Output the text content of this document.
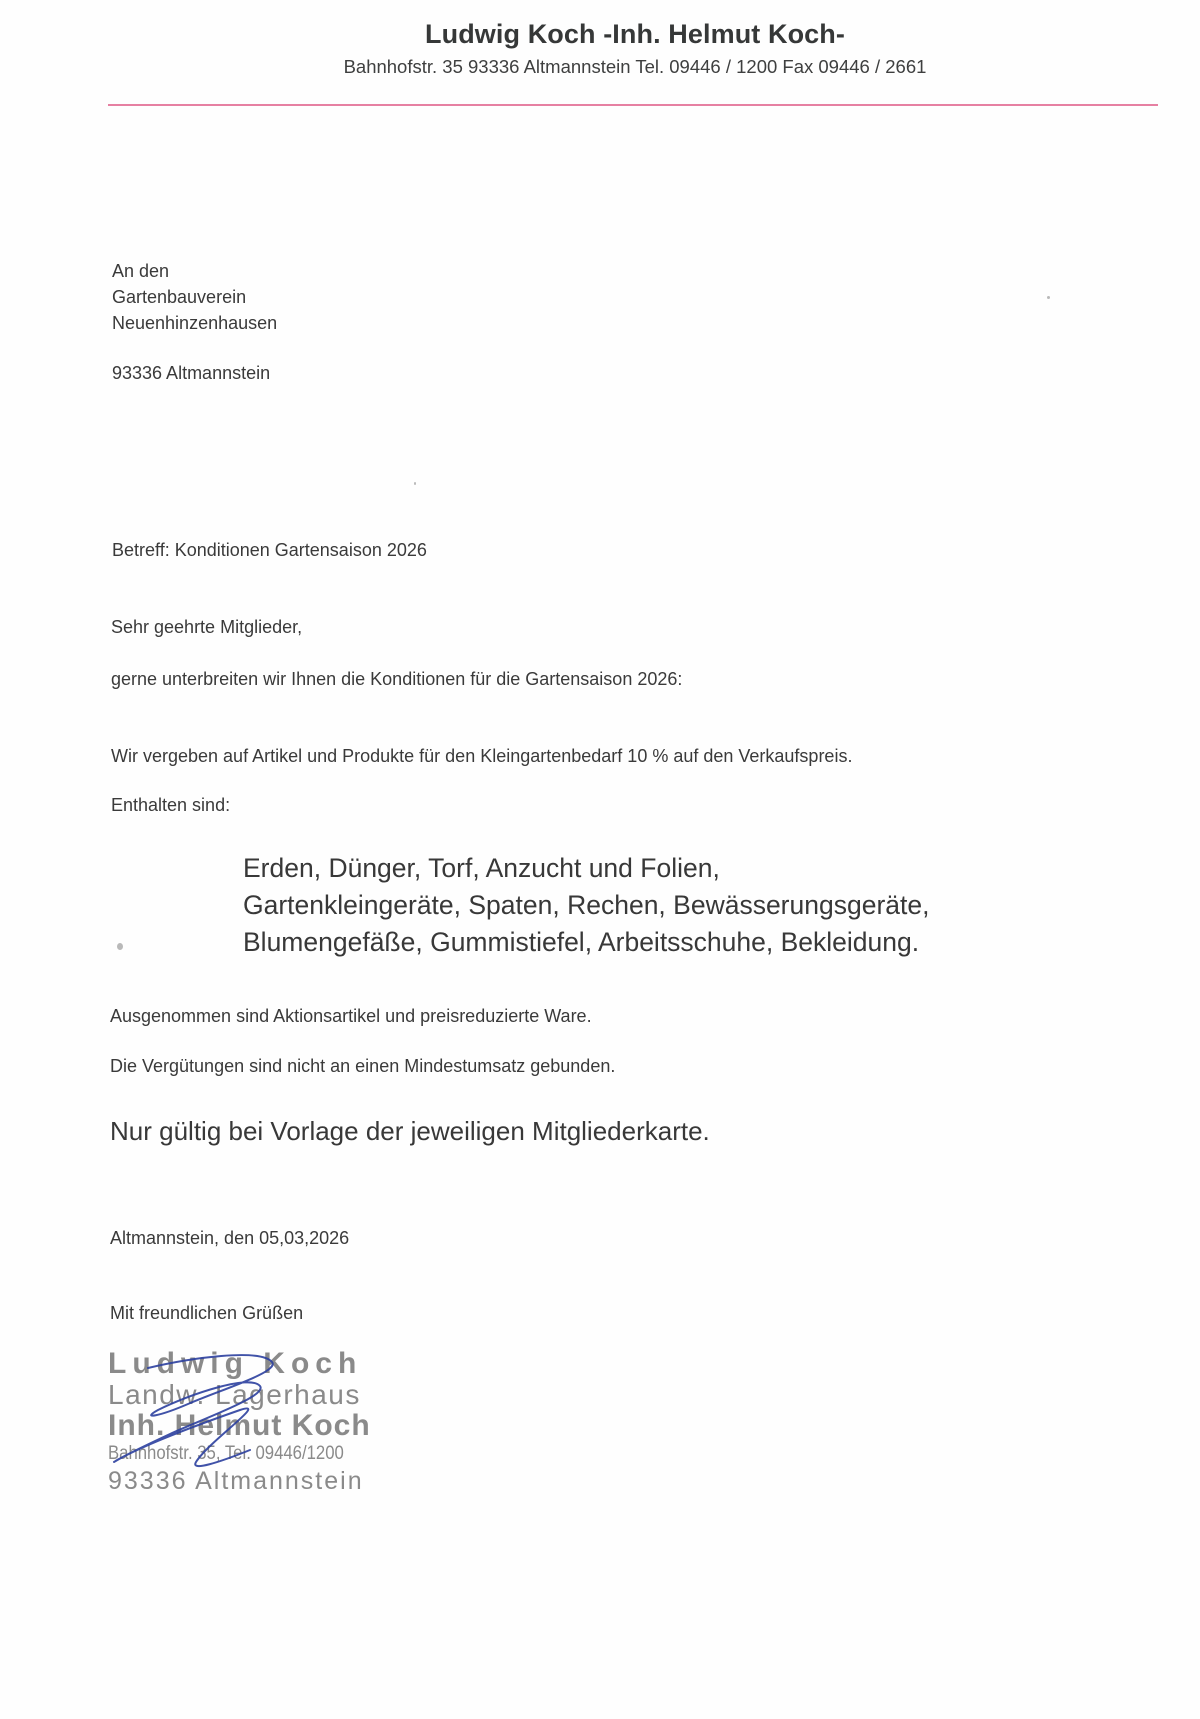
Ludwig Koch -Inh. Helmut Koch-
Bahnhofstr. 35 93336 Altmannstein Tel. 09446 / 1200 Fax 09446 / 2661
An den
Gartenbauverein
Neuenhinzenhausen
93336 Altmannstein
Betreff: Konditionen Gartensaison 2026
Sehr geehrte Mitglieder,
gerne unterbreiten wir Ihnen die Konditionen für die Gartensaison 2026:
Wir vergeben auf Artikel und Produkte für den Kleingartenbedarf 10 % auf den Verkaufspreis.
Enthalten sind:
Erden, Dünger, Torf, Anzucht und Folien,
Gartenkleingeräte, Spaten, Rechen, Bewässerungsgeräte,
Blumengefäße, Gummistiefel, Arbeitsschuhe, Bekleidung.
Ausgenommen sind Aktionsartikel und preisreduzierte Ware.
Die Vergütungen sind nicht an einen Mindestumsatz gebunden.
Nur gültig bei Vorlage der jeweiligen Mitgliederkarte.
Altmannstein, den 05,03,2026
Mit freundlichen Grüßen
Ludwig Koch
Landw. Lagerhaus
Inh. Helmut Koch
Bahnhofstr. 35, Tel. 09446/1200
93336 Altmannstein
